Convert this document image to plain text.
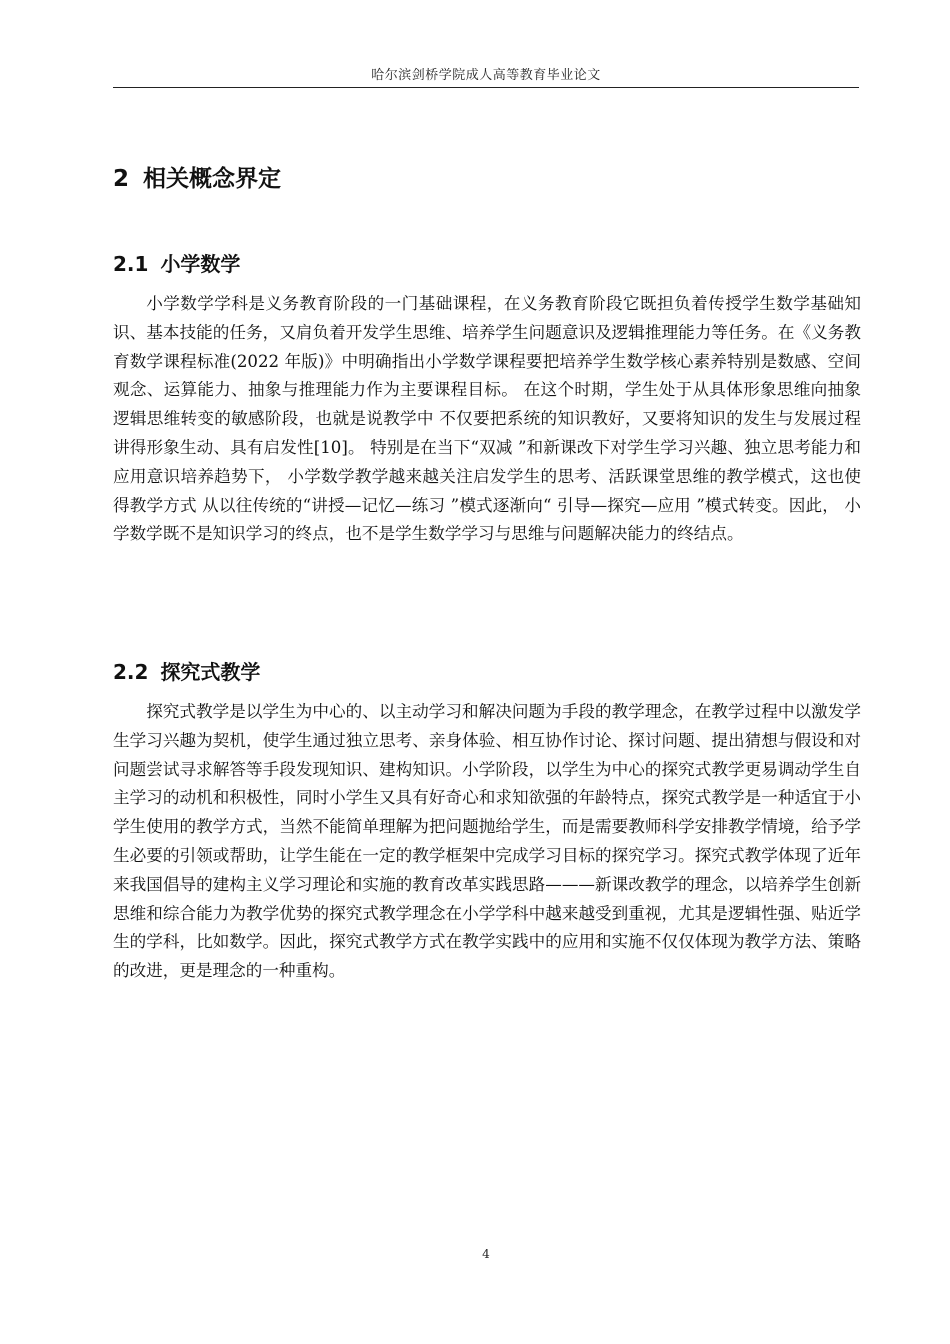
哈尔滨剑桥学院成人高等教育毕业论文
2 相关概念界定
2.1 小学数学

小学数学学科是义务教育阶段的一门基础课程，在义务教育阶段它既担负着传授学生数学基础知识、基本技能的任务，又肩负着开发学生思维、培养学生问题意识及逻辑推理能力等任务。在《义务教育数学课程标准(2022 年版)》中明确指出小学数学课程要把培养学生数学核心素养特别是数感、空间观念、运算能力、抽象与推理能力作为主要课程目标。 在这个时期，学生处于从具体形象思维向抽象逻辑思维转变的敏感阶段，也就是说教学中 不仅要把系统的知识教好，又要将知识的发生与发展过程讲得形象生动、具有启发性[10]。 特别是在当下“双减 ”和新课改下对学生学习兴趣、独立思考能力和应用意识培养趋势下， 小学数学教学越来越关注启发学生的思考、活跃课堂思维的教学模式，这也使得教学方式 从以往传统的“讲授—记忆—练习 ”模式逐渐向“ 引导—探究—应用 ”模式转变。因此， 小学数学既不是知识学习的终点，也不是学生数学学习与思维与问题解决能力的终结点。

2.2 探究式教学

探究式教学是以学生为中心的、以主动学习和解决问题为手段的教学理念，在教学过程中以激发学生学习兴趣为契机，使学生通过独立思考、亲身体验、相互协作讨论、探讨问题、提出猜想与假设和对问题尝试寻求解答等手段发现知识、建构知识。小学阶段，以学生为中心的探究式教学更易调动学生自主学习的动机和积极性，同时小学生又具有好奇心和求知欲强的年龄特点，探究式教学是一种适宜于小学生使用的教学方式，当然不能简单理解为把问题抛给学生，而是需要教师科学安排教学情境，给予学生必要的引领或帮助，让学生能在一定的教学框架中完成学习目标的探究学习。探究式教学体现了近年来我国倡导的建构主义学习理论和实施的教育改革实践思路———新课改教学的理念，以培养学生创新思维和综合能力为教学优势的探究式教学理念在小学学科中越来越受到重视，尤其是逻辑性强、贴近学生的学科，比如数学。因此，探究式教学方式在教学实践中的应用和实施不仅仅体现为教学方法、策略的改进，更是理念的一种重构。

4
